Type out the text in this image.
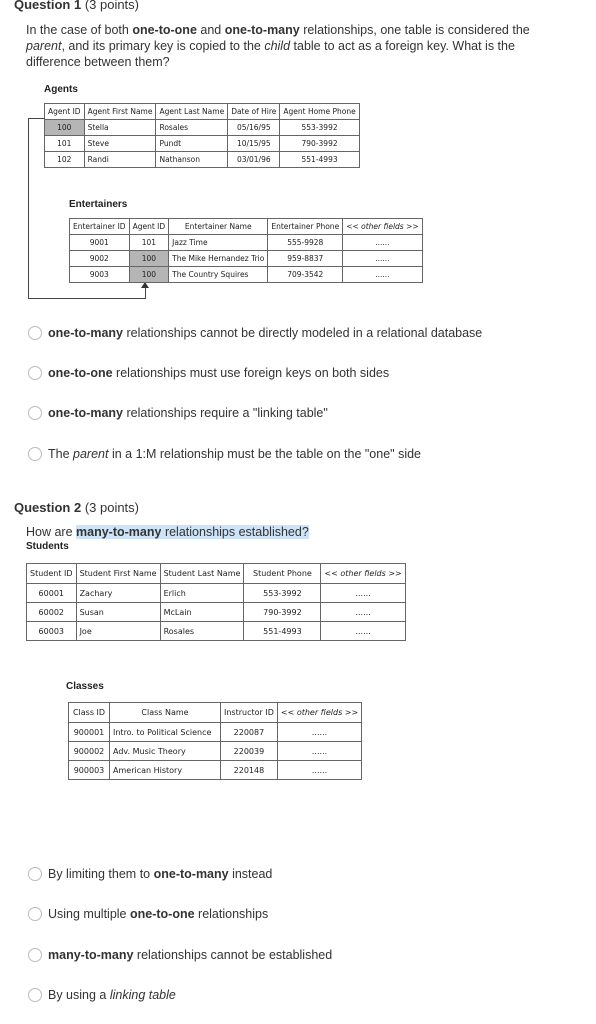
Question 1 (3 points)
In the case of both one-to-one and one-to-many relationships, one table is considered the parent, and its primary key is copied to the child table to act as a foreign key. What is the difference between them?
Agents
Agent ID	Agent First Name	Agent Last Name	Date of Hire	Agent Home Phone
100	Stella	Rosales	05/16/95	553-3992
101	Steve	Pundt	10/15/95	790-3992
102	Randi	Nathanson	03/01/96	551-4993
Entertainers
Entertainer ID	Agent ID	Entertainer Name	Entertainer Phone	<< other fields >>
9001	101	Jazz Time	555-9928	......
9002	100	The Mike Hernandez Trio	959-8837	......
9003	100	The Country Squires	709-3542	......
one-to-many relationships cannot be directly modeled in a relational database
one-to-one relationships must use foreign keys on both sides
one-to-many relationships require a "linking table"
The parent in a 1:M relationship must be the table on the "one" side
Question 2 (3 points)
How are many-to-many relationships established?
Students
Student ID	Student First Name	Student Last Name	Student Phone	<< other fields >>
60001	Zachary	Erlich	553-3992	......
60002	Susan	McLain	790-3992	......
60003	Joe	Rosales	551-4993	......
Classes
Class ID	Class Name	Instructor ID	<< other fields >>
900001	Intro. to Political Science	220087	......
900002	Adv. Music Theory	220039	......
900003	American History	220148	......
By limiting them to one-to-many instead
Using multiple one-to-one relationships
many-to-many relationships cannot be established
By using a linking table
